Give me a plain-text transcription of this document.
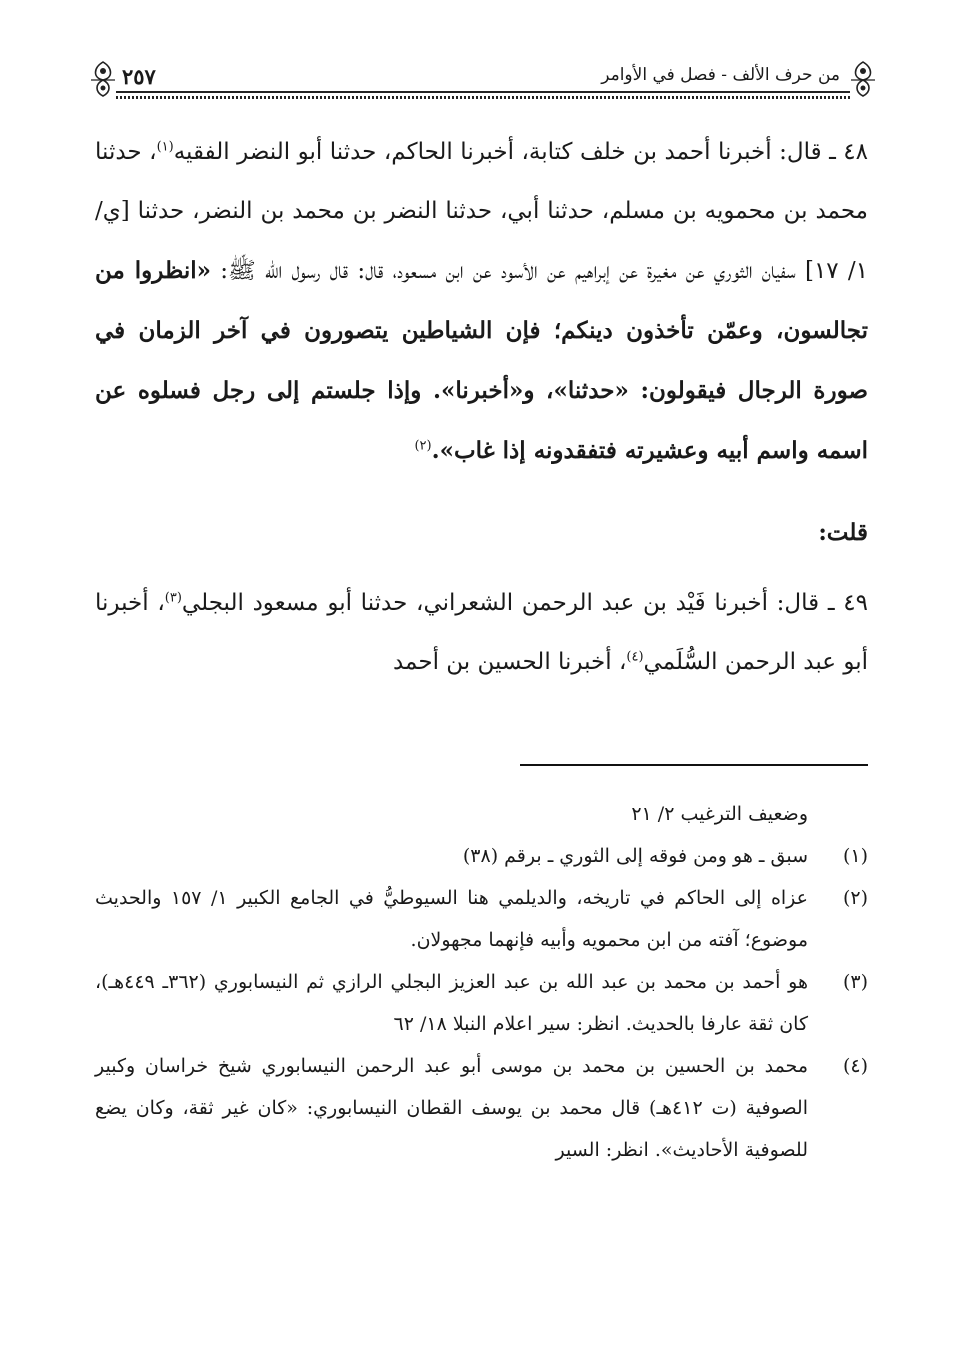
من حرف الألف - فصل في الأوامر
٢٥٧

٤٨ ـ قال: أخبرنا أحمد بن خلف كتابة، أخبرنا الحاكم، حدثنا أبو النضر الفقيه$^{(١)}$، حدثنا محمد بن محمويه بن مسلم، حدثنا أبي، حدثنا النضر بن محمد بن النضر، حدثنا [ي/ ١/ ١٧] سفيان الثوري عن مغيرة عن إبراهيم عن الأسود عن ابن مسعود، قال: قال رسول الله ﷺ: «انظروا من تجالسون، وعمّن تأخذون دينكم؛ فإن الشياطين يتصورون في آخر الزمان في صورة الرجال فيقولون: «حدثنا»، و«أخبرنا». وإذا جلستم إلى رجل فسلوه عن اسمه واسم أبيه وعشيرته فتفقدونه إذا غاب».$^{(٢)}$

قلت:

٤٩ ـ قال: أخبرنا فَيْد بن عبد الرحمن الشعراني، حدثنا أبو مسعود البجلي$^{(٣)}$، أخبرنا أبو عبد الرحمن السُّلَمي$^{(٤)}$، أخبرنا الحسين بن أحمد

وضعيف الترغيب ٢/ ٢١

(١)
سبق ـ هو ومن فوقه إلى الثوري ـ برقم (٣٨)
(٢)
عزاه إلى الحاكم في تاريخه، والديلمي هنا السيوطيُّ في الجامع الكبير ١/ ١٥٧ والحديث موضوع؛ آفته من ابن محمويه وأبيه فإنهما مجهولان.
(٣)
هو أحمد بن محمد بن عبد الله بن عبد العزيز البجلي الرازي ثم النيسابوري (٣٦٢ـ ٤٤٩هـ)، كان ثقة عارفا بالحديث. انظر: سير اعلام النبلا ١٨/ ٦٢
(٤)
محمد بن الحسين بن محمد بن موسى أبو عبد الرحمن النيسابوري شيخ خراسان وكبير الصوفية (ت ٤١٢هـ) قال محمد بن يوسف القطان النيسابوري: «كان غير ثقة، وكان يضع للصوفية الأحاديث». انظر: السير
